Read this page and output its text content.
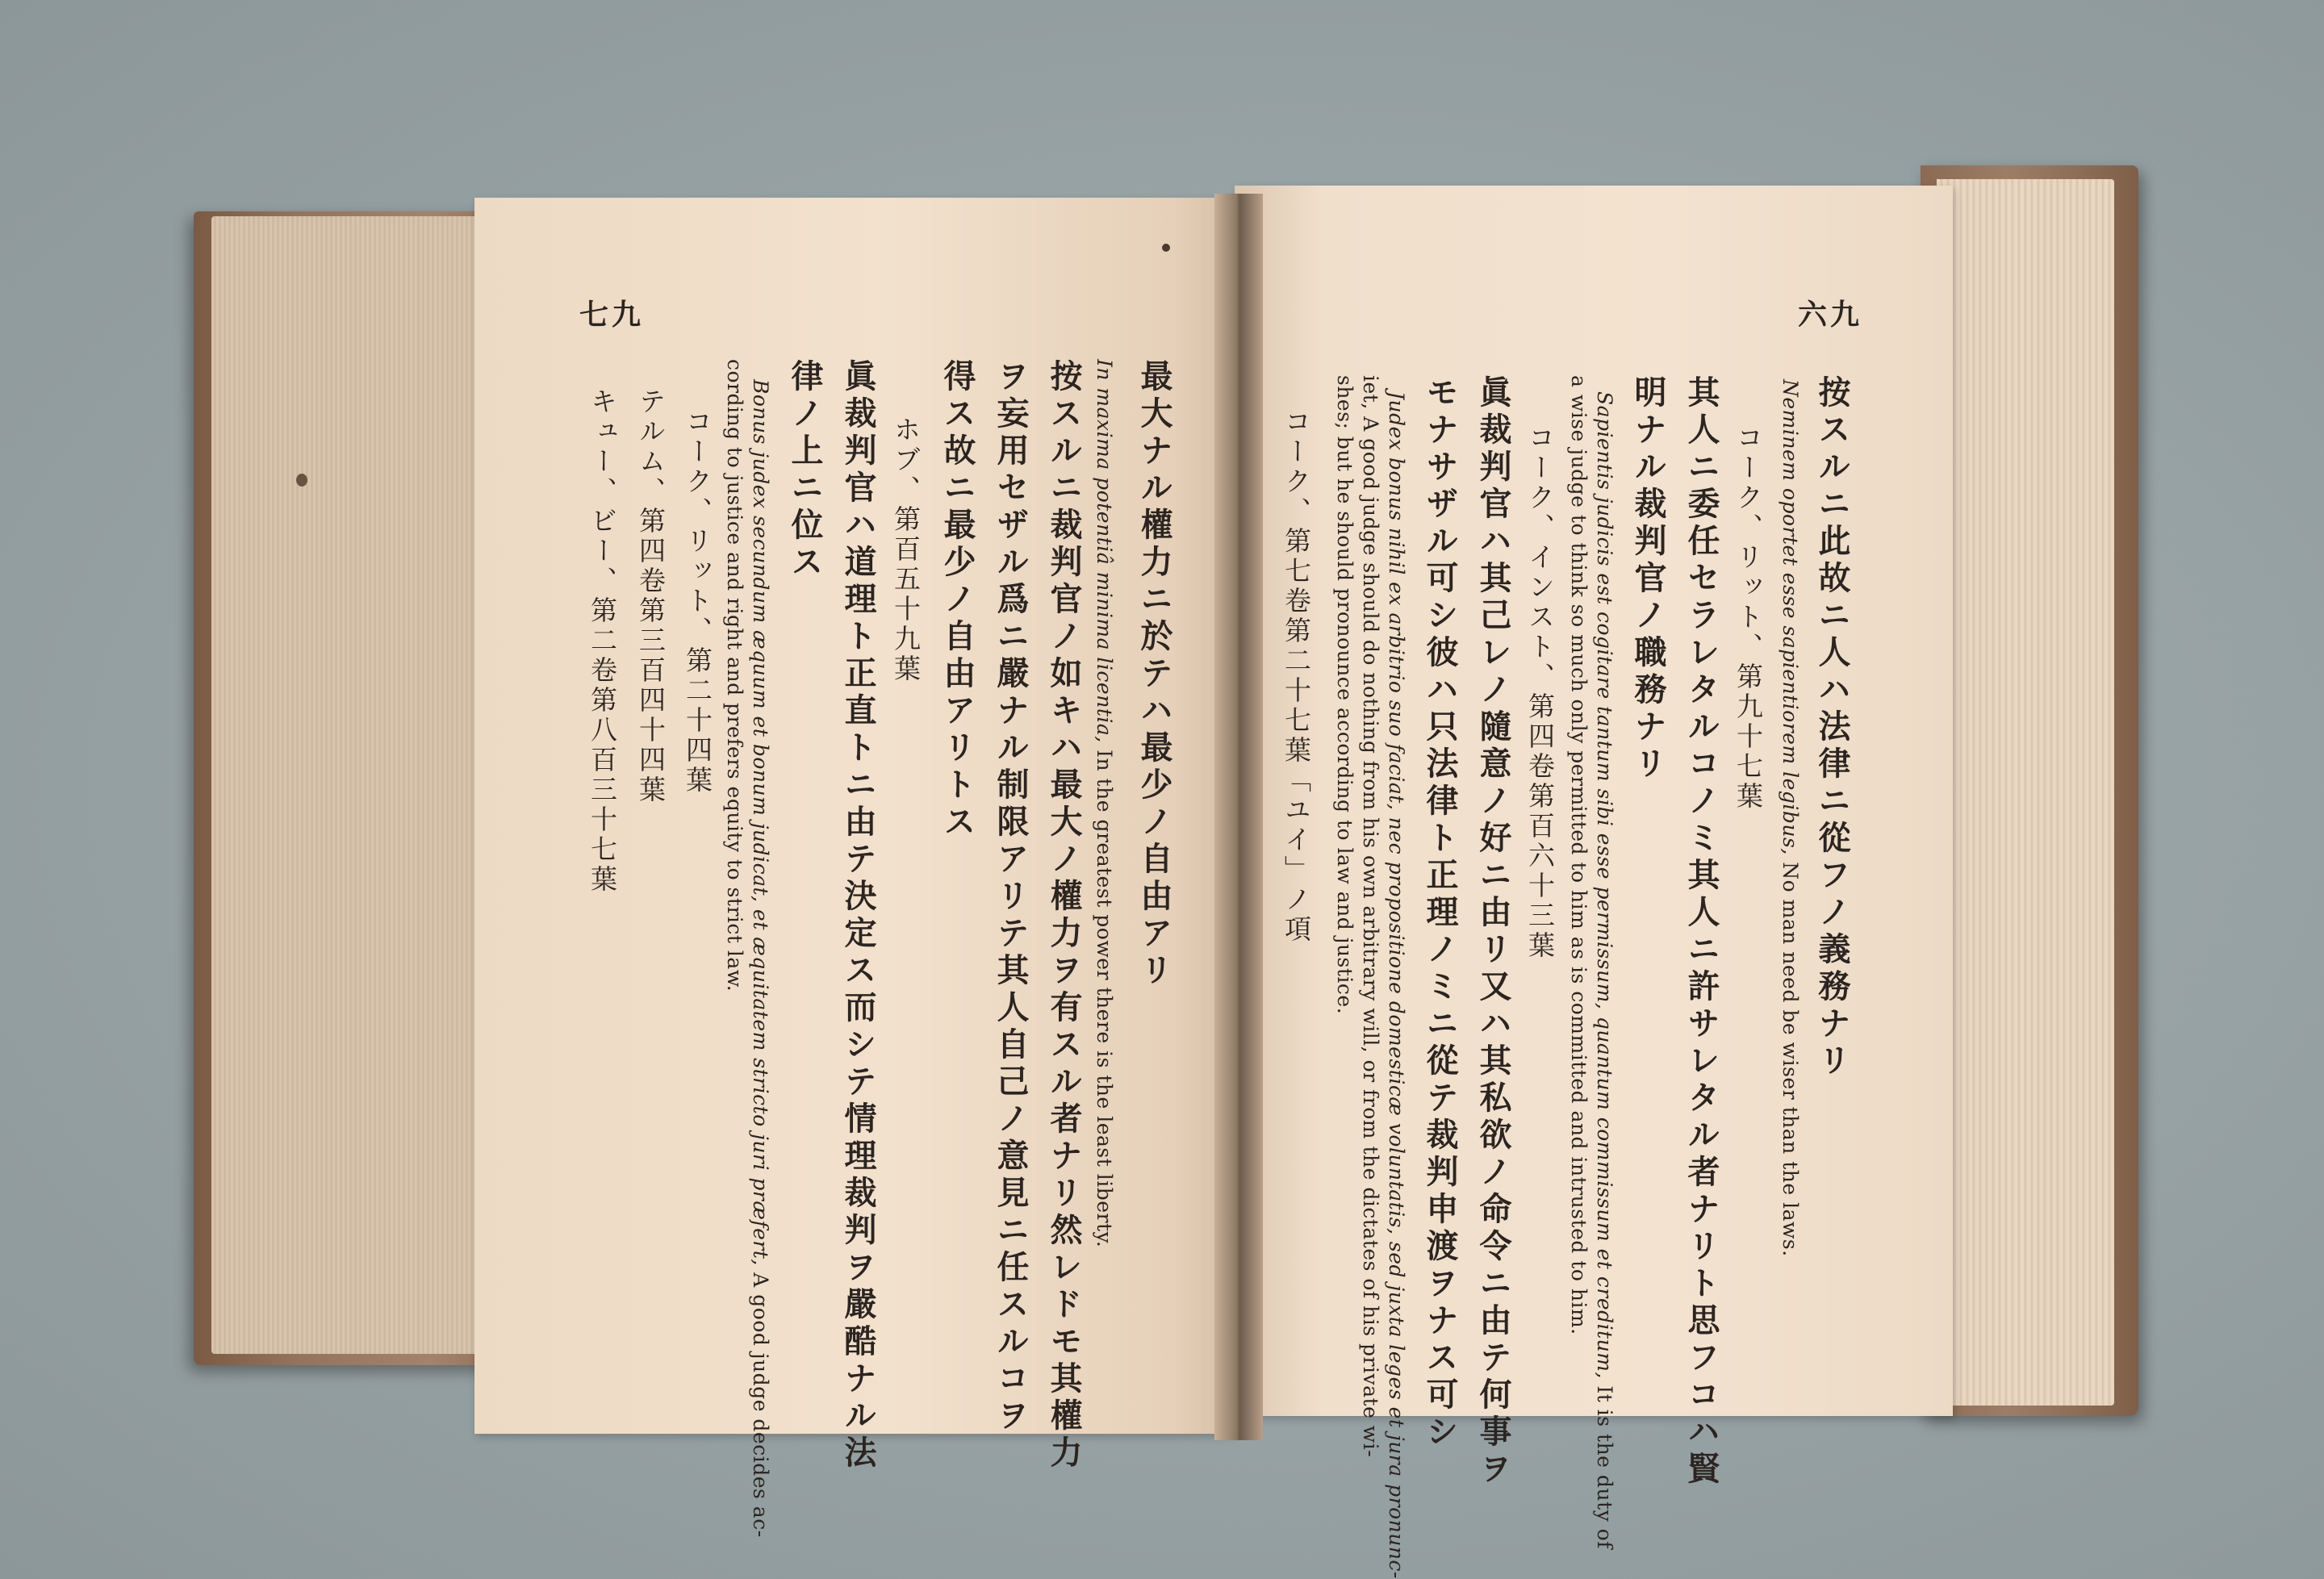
七九
最大ナル權力ニ於テハ最少ノ自由アリ
In maxima potentiâ minima licentia, In the greatest power there is the least liberty.
按スルニ裁判官ノ如キハ最大ノ權力ヲ有スル者ナリ然レドモ其權力
ヲ妄用セザル爲ニ嚴ナル制限アリテ其人自己ノ意見ニ任スルコヲ
得ス故ニ最少ノ自由アリトス
ホブ、第百五十九葉
眞裁判官ハ道理ト正直トニ由テ決定ス而シテ情理裁判ヲ嚴酷ナル法
律ノ上ニ位ス
Bonus judex secundum æquum et bonum judicat, et æquitatem stricto juri præfert, A good judge decides ac-
cording to justice and right and prefers equity to strict law.
コーク、リット、第二十四葉
テルム、第四卷第三百四十四葉
キュー、ビー、第二卷第八百三十七葉
六九
按スルニ此故ニ人ハ法律ニ從フノ義務ナリ
Neminem oportet esse sapientiorem legibus, No man need be wiser than the laws.
コーク、リット、第九十七葉
其人ニ委任セラレタルコノミ其人ニ許サレタル者ナリト思フコハ賢
明ナル裁判官ノ職務ナリ
Sapientis judicis est cogitare tantum sibi esse permissum, quantum commissum et creditum, It is the duty of
a wise judge to think so much only permitted to him as is committed and intrusted to him.
コーク、インスト、第四卷第百六十三葉
眞裁判官ハ其己レノ隨意ノ好ニ由リ又ハ其私欲ノ命令ニ由テ何事ヲ
モナサザル可シ彼ハ只法律ト正理ノミニ從テ裁判申渡ヲナス可シ
Judex bonus nihil ex arbitrio suo faciat, nec propositione domesticæ voluntatis, sed juxta leges et jura pronunc-
iet, A good judge should do nothing from his own arbitrary will, or from the dictates of his private wi-
shes; but he should pronounce according to law and justice.
コーク、第七卷第二十七葉「ユイ」ノ項
